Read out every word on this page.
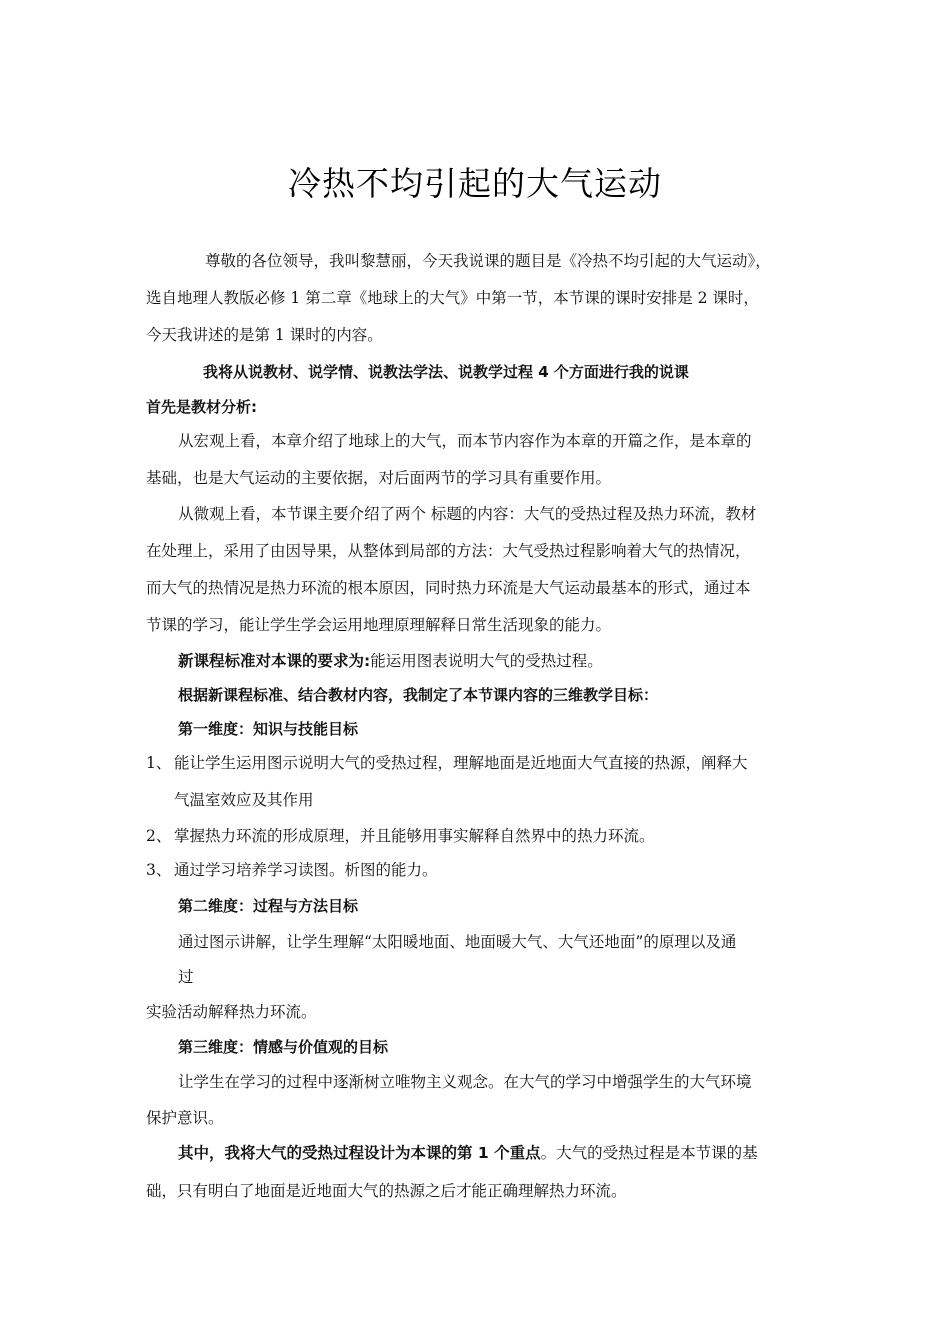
冷热不均引起的大气运动
尊敬的各位领导，我叫黎慧丽，今天我说课的题目是《冷热不均引起的大气运动》，
选自地理人教版必修 1 第二章《地球上的大气》中第一节，本节课的课时安排是 2 课时，
今天我讲述的是第 1 课时的内容。
我将从说教材、说学情、说教法学法、说教学过程 4 个方面进行我的说课
首先是教材分析:
从宏观上看，本章介绍了地球上的大气，而本节内容作为本章的开篇之作，是本章的
基础，也是大气运动的主要依据，对后面两节的学习具有重要作用。
从微观上看，本节课主要介绍了两个 标题的内容：大气的受热过程及热力环流，教材
在处理上，采用了由因导果，从整体到局部的方法：大气受热过程影响着大气的热情况，
而大气的热情况是热力环流的根本原因，同时热力环流是大气运动最基本的形式，通过本
节课的学习，能让学生学会运用地理原理解释日常生活现象的能力。
新课程标准对本课的要求为:能运用图表说明大气的受热过程。
根据新课程标准、结合教材内容，我制定了本节课内容的三维教学目标：
第一维度：知识与技能目标
1、 能让学生运用图示说明大气的受热过程，理解地面是近地面大气直接的热源，阐释大
气温室效应及其作用
2、 掌握热力环流的形成原理，并且能够用事实解释自然界中的热力环流。
3、 通过学习培养学习读图。析图的能力。
第二维度：过程与方法目标
通过图示讲解，让学生理解“太阳暖地面、地面暖大气、大气还地面”的原理以及通
过
实验活动解释热力环流。
第三维度：情感与价值观的目标
让学生在学习的过程中逐渐树立唯物主义观念。在大气的学习中增强学生的大气环境
保护意识。
其中，我将大气的受热过程设计为本课的第 1 个重点。大气的受热过程是本节课的基
础，只有明白了地面是近地面大气的热源之后才能正确理解热力环流。
